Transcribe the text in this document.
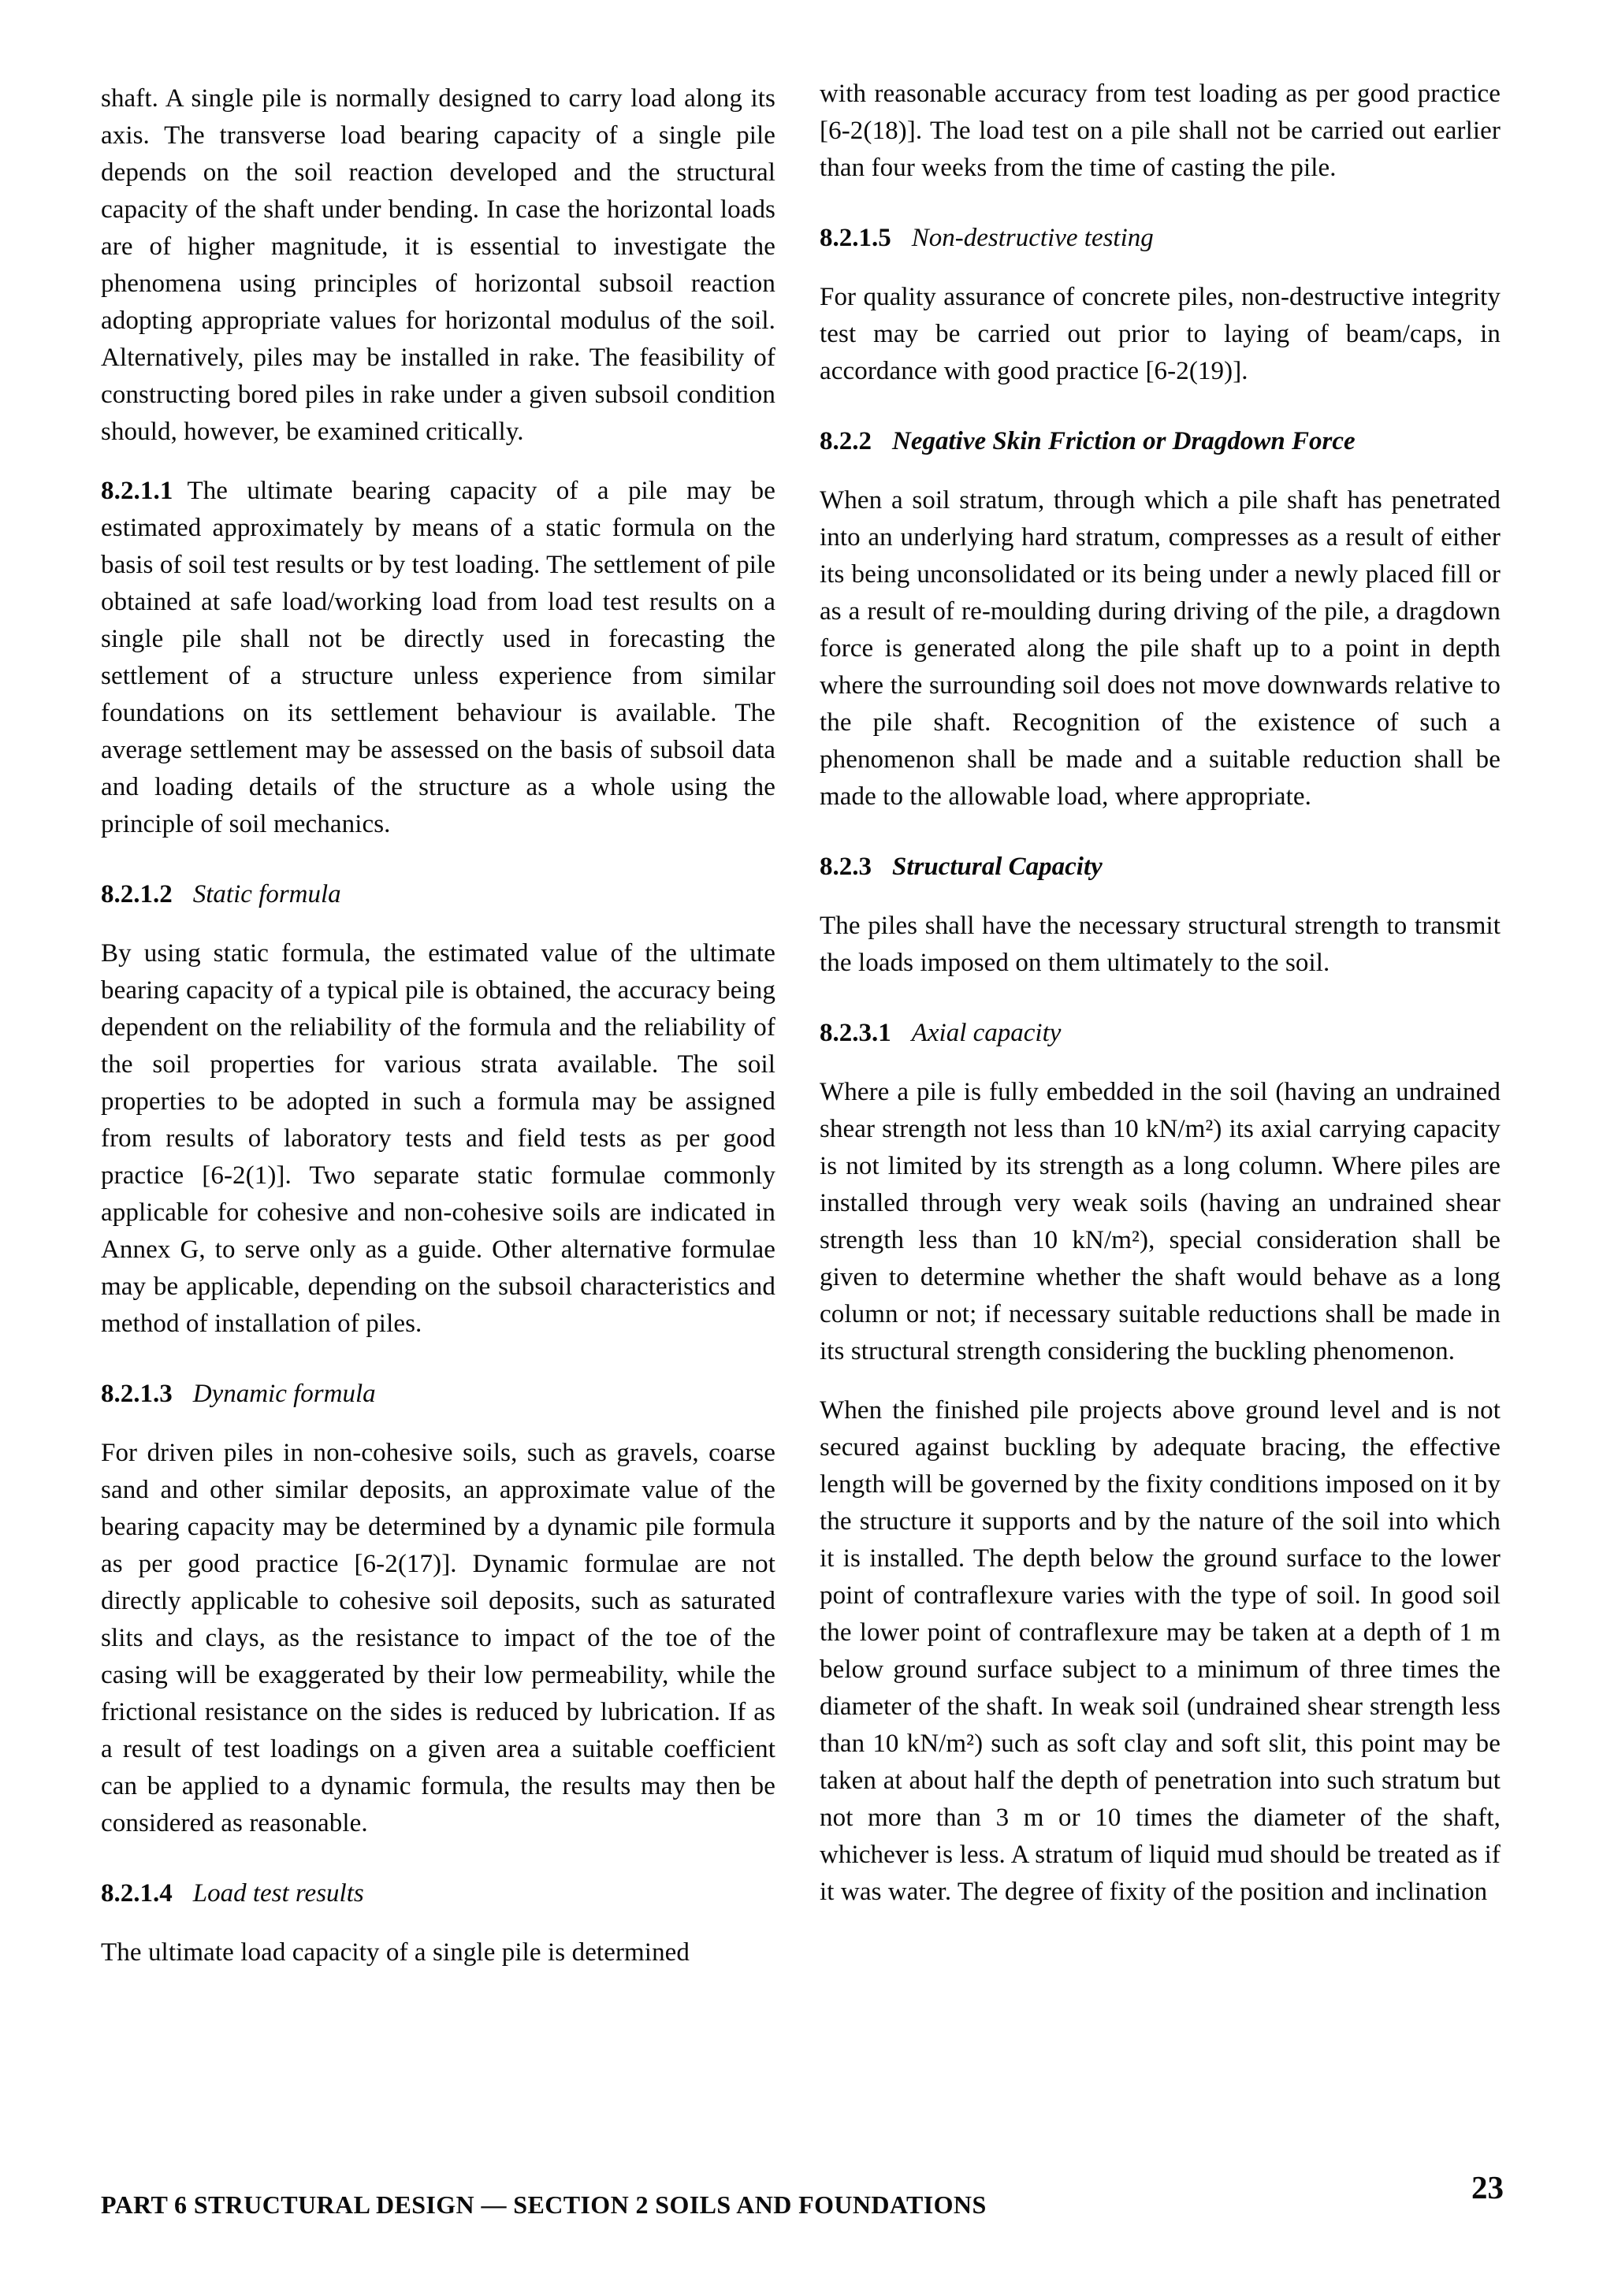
shaft. A single pile is normally designed to carry load along its axis. The transverse load bearing capacity of a single pile depends on the soil reaction developed and the structural capacity of the shaft under bending. In case the horizontal loads are of higher magnitude, it is essential to investigate the phenomena using principles of horizontal subsoil reaction adopting appropriate values for horizontal modulus of the soil. Alternatively, piles may be installed in rake. The feasibility of constructing bored piles in rake under a given subsoil condition should, however, be examined critically.

8.2.1.1 The ultimate bearing capacity of a pile may be estimated approximately by means of a static formula on the basis of soil test results or by test loading. The settlement of pile obtained at safe load/working load from load test results on a single pile shall not be directly used in forecasting the settlement of a structure unless experience from similar foundations on its settlement behaviour is available. The average settlement may be assessed on the basis of subsoil data and loading details of the structure as a whole using the principle of soil mechanics.

8.2.1.2 Static formula

By using static formula, the estimated value of the ultimate bearing capacity of a typical pile is obtained, the accuracy being dependent on the reliability of the formula and the reliability of the soil properties for various strata available. The soil properties to be adopted in such a formula may be assigned from results of laboratory tests and field tests as per good practice [6-2(1)]. Two separate static formulae commonly applicable for cohesive and non-cohesive soils are indicated in Annex G, to serve only as a guide. Other alternative formulae may be applicable, depending on the subsoil characteristics and method of installation of piles.

8.2.1.3 Dynamic formula

For driven piles in non-cohesive soils, such as gravels, coarse sand and other similar deposits, an approximate value of the bearing capacity may be determined by a dynamic pile formula as per good practice [6-2(17)]. Dynamic formulae are not directly applicable to cohesive soil deposits, such as saturated slits and clays, as the resistance to impact of the toe of the casing will be exaggerated by their low permeability, while the frictional resistance on the sides is reduced by lubrication. If as a result of test loadings on a given area a suitable coefficient can be applied to a dynamic formula, the results may then be considered as reasonable.

8.2.1.4 Load test results

The ultimate load capacity of a single pile is determined

with reasonable accuracy from test loading as per good practice [6-2(18)]. The load test on a pile shall not be carried out earlier than four weeks from the time of casting the pile.

8.2.1.5 Non-destructive testing

For quality assurance of concrete piles, non-destructive integrity test may be carried out prior to laying of beam/caps, in accordance with good practice [6-2(19)].

8.2.2 Negative Skin Friction or Dragdown Force

When a soil stratum, through which a pile shaft has penetrated into an underlying hard stratum, compresses as a result of either its being unconsolidated or its being under a newly placed fill or as a result of re-moulding during driving of the pile, a dragdown force is generated along the pile shaft up to a point in depth where the surrounding soil does not move downwards relative to the pile shaft. Recognition of the existence of such a phenomenon shall be made and a suitable reduction shall be made to the allowable load, where appropriate.

8.2.3 Structural Capacity

The piles shall have the necessary structural strength to transmit the loads imposed on them ultimately to the soil.

8.2.3.1 Axial capacity

Where a pile is fully embedded in the soil (having an undrained shear strength not less than 10 kN/m²) its axial carrying capacity is not limited by its strength as a long column. Where piles are installed through very weak soils (having an undrained shear strength less than 10 kN/m²), special consideration shall be given to determine whether the shaft would behave as a long column or not; if necessary suitable reductions shall be made in its structural strength considering the buckling phenomenon.

When the finished pile projects above ground level and is not secured against buckling by adequate bracing, the effective length will be governed by the fixity conditions imposed on it by the structure it supports and by the nature of the soil into which it is installed. The depth below the ground surface to the lower point of contraflexure varies with the type of soil. In good soil the lower point of contraflexure may be taken at a depth of 1 m below ground surface subject to a minimum of three times the diameter of the shaft. In weak soil (undrained shear strength less than 10 kN/m²) such as soft clay and soft slit, this point may be taken at about half the depth of penetration into such stratum but not more than 3 m or 10 times the diameter of the shaft, whichever is less. A stratum of liquid mud should be treated as if it was water. The degree of fixity of the position and inclination

PART 6 STRUCTURAL DESIGN — SECTION 2 SOILS AND FOUNDATIONS	23
